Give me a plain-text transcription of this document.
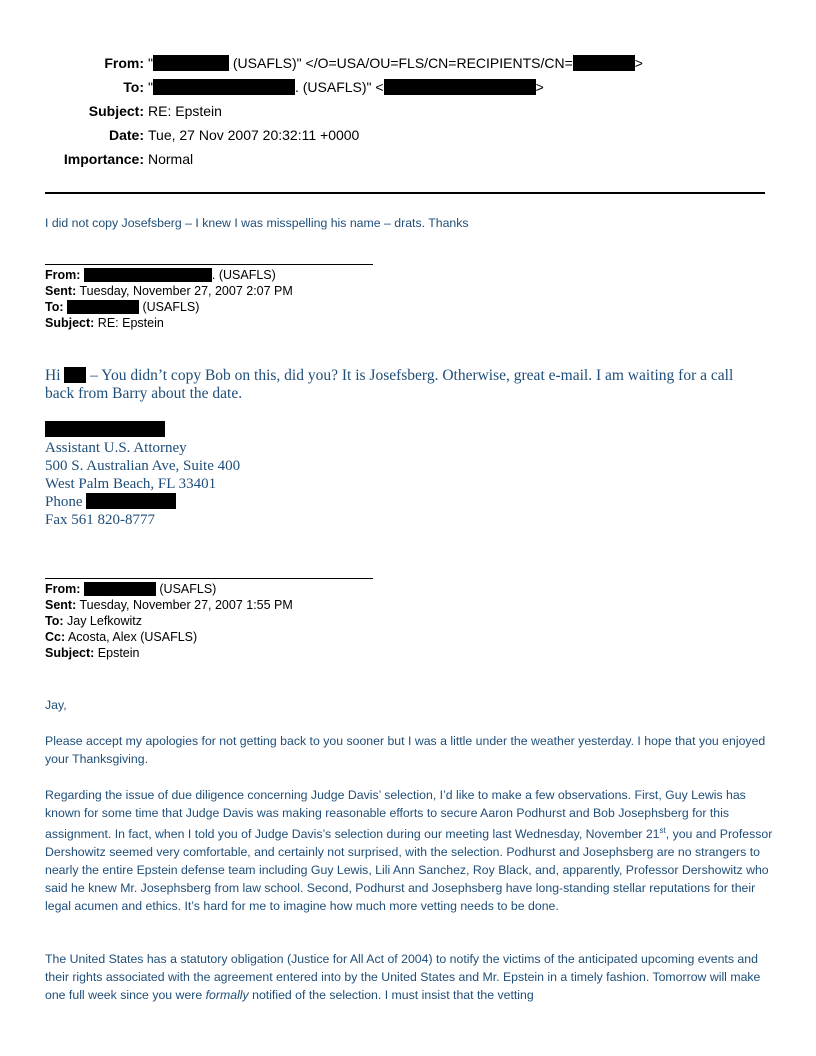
From: "	(USAFLS)" </O=USA/OU=FLS/CN=RECIPIENTS/CN=	>
To: "	. (USAFLS)" <	>
Subject: RE: Epstein
Date: Tue, 27 Nov 2007 20:32:11 +0000
Importance: Normal
I did not copy Josefsberg – I knew I was misspelling his name – drats. Thanks
From:	. (USAFLS)
Sent: Tuesday, November 27, 2007 2:07 PM
To:	(USAFLS)
Subject: RE: Epstein
Hi  – You didn’t copy Bob on this, did you? It is Josefsberg. Otherwise, great e-mail. I am waiting for a call
back from Barry about the date.
Assistant U.S. Attorney
500 S. Australian Ave, Suite 400
West Palm Beach, FL 33401
Phone
Fax 561 820-8777
From:	(USAFLS)
Sent: Tuesday, November 27, 2007 1:55 PM
To: Jay Lefkowitz
Cc: Acosta, Alex (USAFLS)
Subject: Epstein
Jay,
Please accept my apologies for not getting back to you sooner but I was a little under the weather yesterday. I hope that you enjoyed your Thanksgiving.
Regarding the issue of due diligence concerning Judge Davis’ selection, I’d like to make a few observations. First, Guy Lewis has known for some time that Judge Davis was making reasonable efforts to secure Aaron Podhurst and Bob Josephsberg for this assignment. In fact, when I told you of Judge Davis’s selection during our meeting last Wednesday, November 21st, you and Professor Dershowitz seemed very comfortable, and certainly not surprised, with the selection. Podhurst and Josephsberg are no strangers to nearly the entire Epstein defense team including Guy Lewis, Lili Ann Sanchez, Roy Black, and, apparently, Professor Dershowitz who said he knew Mr. Josephsberg from law school. Second, Podhurst and Josephsberg have long-standing stellar reputations for their legal acumen and ethics. It’s hard for me to imagine how much more vetting needs to be done.
The United States has a statutory obligation (Justice for All Act of 2004) to notify the victims of the anticipated upcoming events and their rights associated with the agreement entered into by the United States and Mr. Epstein in a timely fashion. Tomorrow will make one full week since you were formally notified of the selection. I must insist that the vetting
